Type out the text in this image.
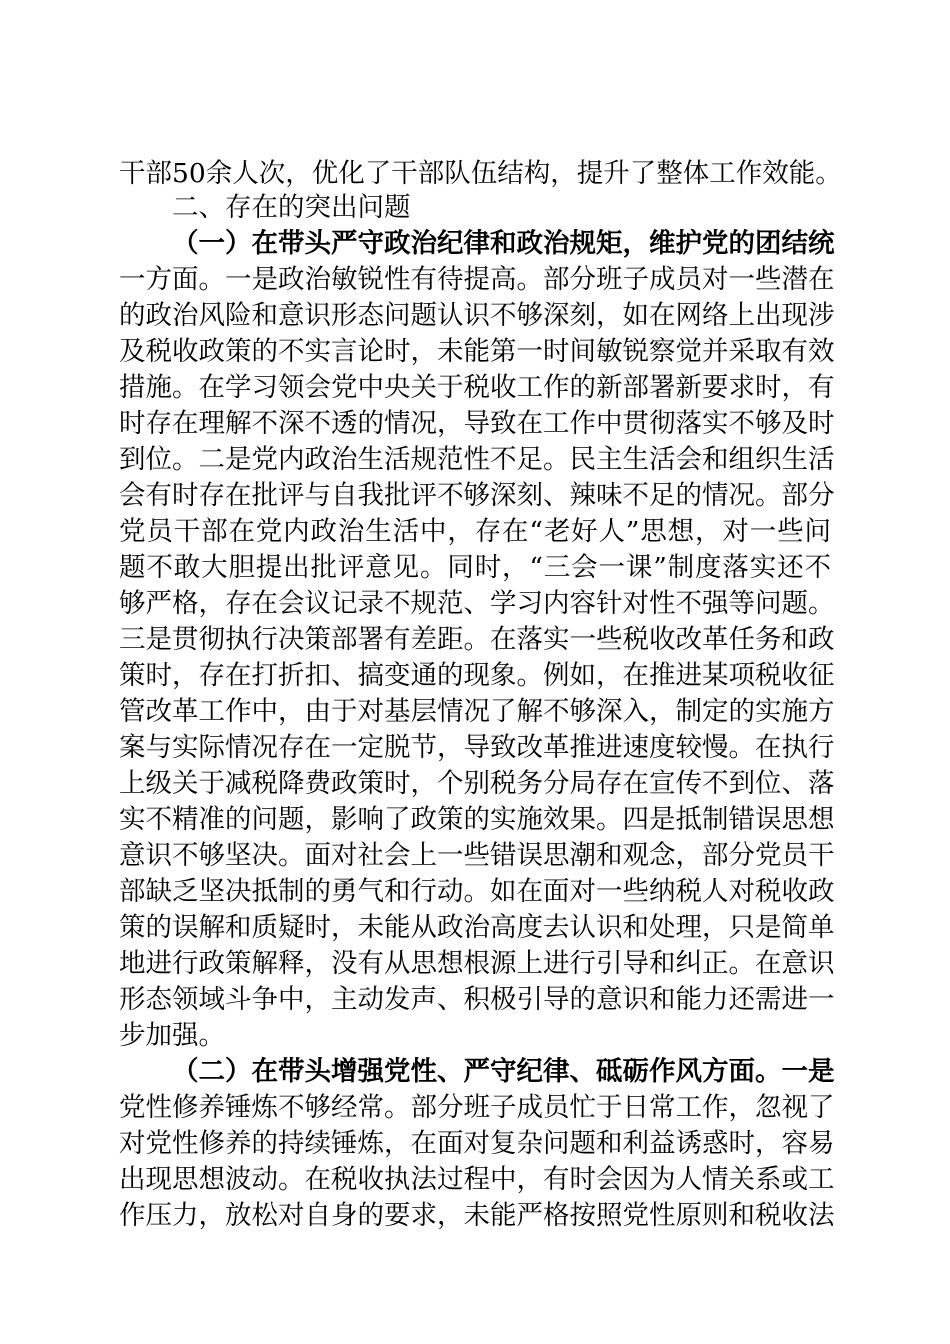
干部50余人次，优化了干部队伍结构，提升了整体工作效能。
二、存在的突出问题
（一）在带头严守政治纪律和政治规矩，维护党的团结统
一方面。一是政治敏锐性有待提高。部分班子成员对一些潜在
的政治风险和意识形态问题认识不够深刻，如在网络上出现涉
及税收政策的不实言论时，未能第一时间敏锐察觉并采取有效
措施。在学习领会党中央关于税收工作的新部署新要求时，有
时存在理解不深不透的情况，导致在工作中贯彻落实不够及时
到位。二是党内政治生活规范性不足。民主生活会和组织生活
会有时存在批评与自我批评不够深刻、辣味不足的情况。部分
党员干部在党内政治生活中，存在“老好人”思想，对一些问
题不敢大胆提出批评意见。同时，“三会一课”制度落实还不
够严格，存在会议记录不规范、学习内容针对性不强等问题。
三是贯彻执行决策部署有差距。在落实一些税收改革任务和政
策时，存在打折扣、搞变通的现象。例如，在推进某项税收征
管改革工作中，由于对基层情况了解不够深入，制定的实施方
案与实际情况存在一定脱节，导致改革推进速度较慢。在执行
上级关于减税降费政策时，个别税务分局存在宣传不到位、落
实不精准的问题，影响了政策的实施效果。四是抵制错误思想
意识不够坚决。面对社会上一些错误思潮和观念，部分党员干
部缺乏坚决抵制的勇气和行动。如在面对一些纳税人对税收政
策的误解和质疑时，未能从政治高度去认识和处理，只是简单
地进行政策解释，没有从思想根源上进行引导和纠正。在意识
形态领域斗争中，主动发声、积极引导的意识和能力还需进一
步加强。
（二）在带头增强党性、严守纪律、砥砺作风方面。一是
党性修养锤炼不够经常。部分班子成员忙于日常工作，忽视了
对党性修养的持续锤炼，在面对复杂问题和利益诱惑时，容易
出现思想波动。在税收执法过程中，有时会因为人情关系或工
作压力，放松对自身的要求，未能严格按照党性原则和税收法
